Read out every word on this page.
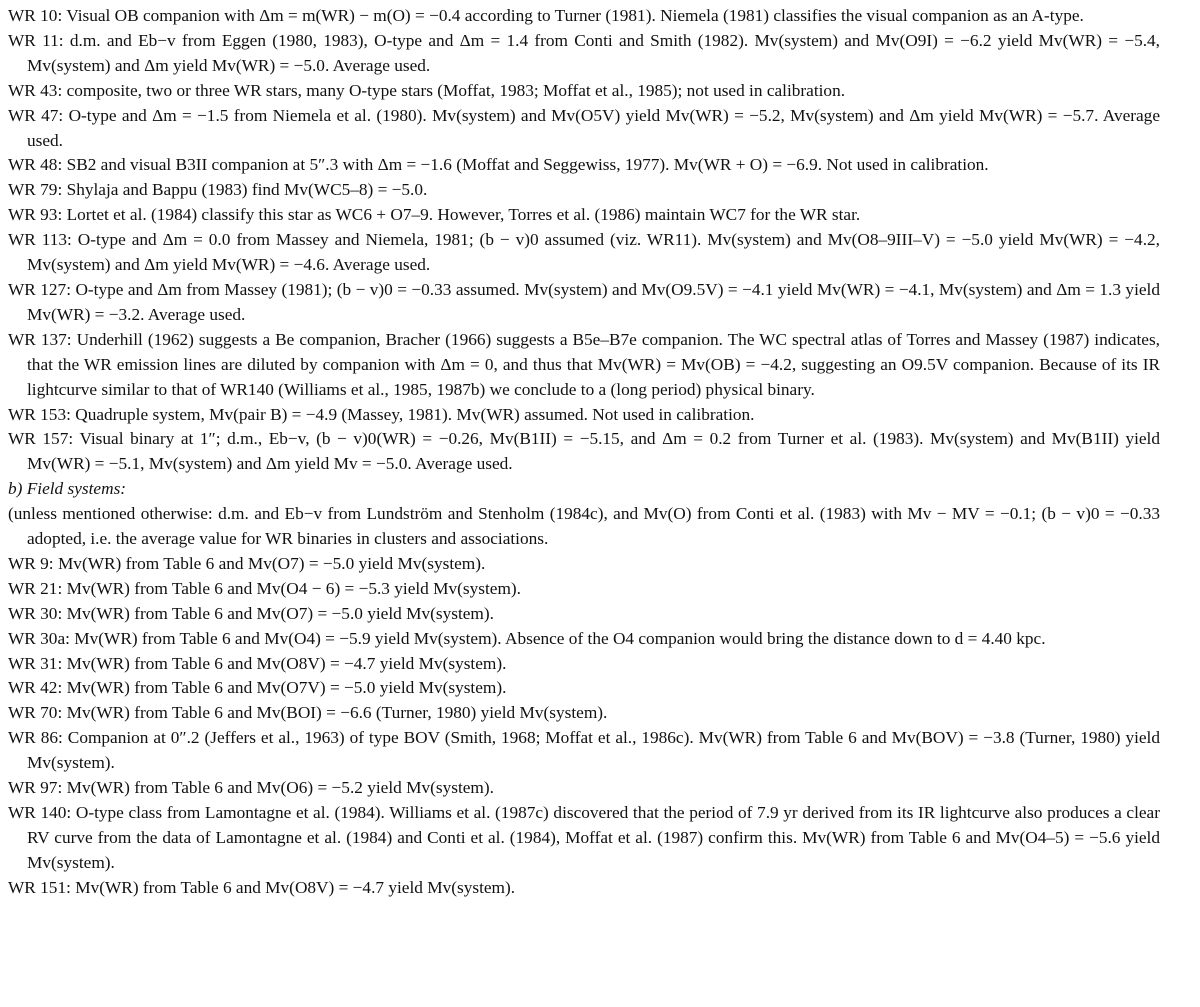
WR 10: Visual OB companion with Δm = m(WR) − m(O) = −0.4 according to Turner (1981). Niemela (1981) classifies the visual companion as an A-type.

WR 11: d.m. and Eb−v from Eggen (1980, 1983), O-type and Δm = 1.4 from Conti and Smith (1982). Mv(system) and Mv(O9I) = −6.2 yield Mv(WR) = −5.4, Mv(system) and Δm yield Mv(WR) = −5.0. Average used.

WR 43: composite, two or three WR stars, many O-type stars (Moffat, 1983; Moffat et al., 1985); not used in calibration.

WR 47: O-type and Δm = −1.5 from Niemela et al. (1980). Mv(system) and Mv(O5V) yield Mv(WR) = −5.2, Mv(system) and Δm yield Mv(WR) = −5.7. Average used.

WR 48: SB2 and visual B3II companion at 5″.3 with Δm = −1.6 (Moffat and Seggewiss, 1977). Mv(WR + O) = −6.9. Not used in calibration.

WR 79: Shylaja and Bappu (1983) find Mv(WC5–8) = −5.0.

WR 93: Lortet et al. (1984) classify this star as WC6 + O7–9. However, Torres et al. (1986) maintain WC7 for the WR star.

WR 113: O-type and Δm = 0.0 from Massey and Niemela, 1981; (b − v)0 assumed (viz. WR11). Mv(system) and Mv(O8–9III–V) = −5.0 yield Mv(WR) = −4.2, Mv(system) and Δm yield Mv(WR) = −4.6. Average used.

WR 127: O-type and Δm from Massey (1981); (b − v)0 = −0.33 assumed. Mv(system) and Mv(O9.5V) = −4.1 yield Mv(WR) = −4.1, Mv(system) and Δm = 1.3 yield Mv(WR) = −3.2. Average used.

WR 137: Underhill (1962) suggests a Be companion, Bracher (1966) suggests a B5e–B7e companion. The WC spectral atlas of Torres and Massey (1987) indicates, that the WR emission lines are diluted by companion with Δm = 0, and thus that Mv(WR) = Mv(OB) = −4.2, suggesting an O9.5V companion. Because of its IR lightcurve similar to that of WR140 (Williams et al., 1985, 1987b) we conclude to a (long period) physical binary.

WR 153: Quadruple system, Mv(pair B) = −4.9 (Massey, 1981). Mv(WR) assumed. Not used in calibration.

WR 157: Visual binary at 1″; d.m., Eb−v, (b − v)0(WR) = −0.26, Mv(B1II) = −5.15, and Δm = 0.2 from Turner et al. (1983). Mv(system) and Mv(B1II) yield Mv(WR) = −5.1, Mv(system) and Δm yield Mv = −5.0. Average used.

b) Field systems:

(unless mentioned otherwise: d.m. and Eb−v from Lundström and Stenholm (1984c), and Mv(O) from Conti et al. (1983) with Mv − MV = −0.1; (b − v)0 = −0.33 adopted, i.e. the average value for WR binaries in clusters and associations.

WR 9: Mv(WR) from Table 6 and Mv(O7) = −5.0 yield Mv(system).

WR 21: Mv(WR) from Table 6 and Mv(O4 − 6) = −5.3 yield Mv(system).

WR 30: Mv(WR) from Table 6 and Mv(O7) = −5.0 yield Mv(system).

WR 30a: Mv(WR) from Table 6 and Mv(O4) = −5.9 yield Mv(system). Absence of the O4 companion would bring the distance down to d = 4.40 kpc.

WR 31: Mv(WR) from Table 6 and Mv(O8V) = −4.7 yield Mv(system).

WR 42: Mv(WR) from Table 6 and Mv(O7V) = −5.0 yield Mv(system).

WR 70: Mv(WR) from Table 6 and Mv(BOI) = −6.6 (Turner, 1980) yield Mv(system).

WR 86: Companion at 0″.2 (Jeffers et al., 1963) of type BOV (Smith, 1968; Moffat et al., 1986c). Mv(WR) from Table 6 and Mv(BOV) = −3.8 (Turner, 1980) yield Mv(system).

WR 97: Mv(WR) from Table 6 and Mv(O6) = −5.2 yield Mv(system).

WR 140: O-type class from Lamontagne et al. (1984). Williams et al. (1987c) discovered that the period of 7.9 yr derived from its IR lightcurve also produces a clear RV curve from the data of Lamontagne et al. (1984) and Conti et al. (1984), Moffat et al. (1987) confirm this. Mv(WR) from Table 6 and Mv(O4–5) = −5.6 yield Mv(system).

WR 151: Mv(WR) from Table 6 and Mv(O8V) = −4.7 yield Mv(system).
